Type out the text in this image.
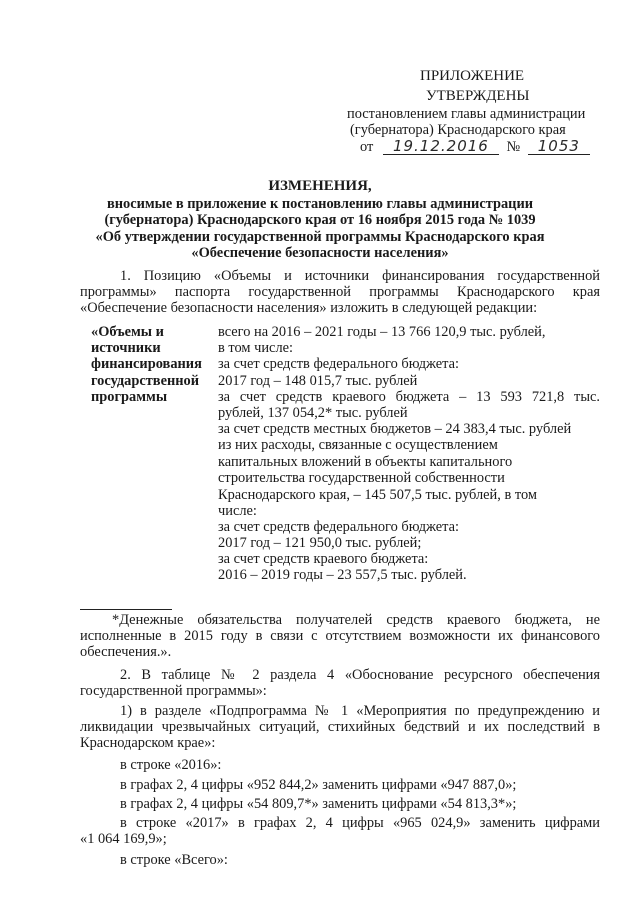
ПРИЛОЖЕНИЕ
УТВЕРЖДЕНЫ
постановлением главы администрации
(губернатора) Краснодарского края
от 19.12.2016 № 1053
ИЗМЕНЕНИЯ,
вносимые в приложение к постановлению главы администрации
(губернатора) Краснодарского края от 16 ноября 2015 года № 1039
«Об утверждении государственной программы Краснодарского края
«Обеспечение безопасности населения»
1. Позицию «Объемы и источники финансирования государственной
программы» паспорта государственной программы Краснодарского края
«Обеспечение безопасности населения» изложить в следующей редакции:
«Объемы и
источники
финансирования
государственной
программы
всего на 2016 – 2021 годы – 13 766 120,9 тыс. рублей,
в том числе:
за счет средств федерального бюджета:
2017 год – 148 015,7 тыс. рублей
за счет средств краевого бюджета – 13 593 721,8 тыс.
рублей, 137 054,2* тыс. рублей
за счет средств местных бюджетов – 24 383,4 тыс. рублей
из них расходы, связанные с осуществлением
капитальных вложений в объекты капитального
строительства государственной собственности
Краснодарского края, – 145 507,5 тыс. рублей, в том
числе:
за счет средств федерального бюджета:
2017 год – 121 950,0 тыс. рублей;
за счет средств краевого бюджета:
2016 – 2019 годы – 23 557,5 тыс. рублей.
*Денежные обязательства получателей средств краевого бюджета, не
исполненные в 2015 году в связи с отсутствием возможности их финансового
обеспечения.».
2. В таблице № 2 раздела 4 «Обоснование ресурсного обеспечения
государственной программы»:
1) в разделе «Подпрограмма № 1 «Мероприятия по предупреждению и
ликвидации чрезвычайных ситуаций, стихийных бедствий и их последствий в
Краснодарском крае»:
в строке «2016»:
в графах 2, 4 цифры «952 844,2» заменить цифрами «947 887,0»;
в графах 2, 4 цифры «54 809,7*» заменить цифрами «54 813,3*»;
в строке «2017» в графах 2, 4 цифры «965 024,9» заменить цифрами
«1 064 169,9»;
в строке «Всего»:
